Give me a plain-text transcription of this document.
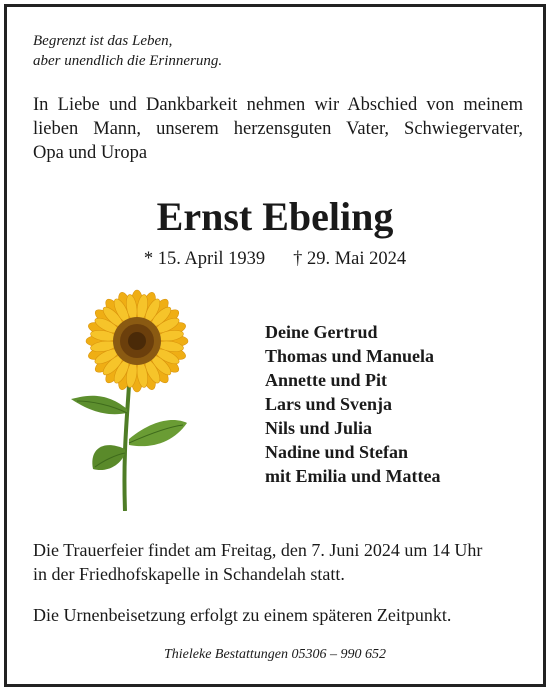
Begrenzt ist das Leben,
aber unendlich die Erinnerung.
In Liebe und Dankbarkeit nehmen wir Abschied von meinem
lieben Mann, unserem herzensguten Vater, Schwiegervater,
Opa und Uropa
Ernst Ebeling
* 15. April 1939 † 29. Mai 2024
Deine Gertrud
Thomas und Manuela
Annette und Pit
Lars und Svenja
Nils und Julia
Nadine und Stefan
mit Emilia und Mattea
Die Trauerfeier findet am Freitag, den 7. Juni 2024 um 14 Uhr
in der Friedhofskapelle in Schandelah statt.
Die Urnenbeisetzung erfolgt zu einem späteren Zeitpunkt.
Thieleke Bestattungen 05306 – 990 652
